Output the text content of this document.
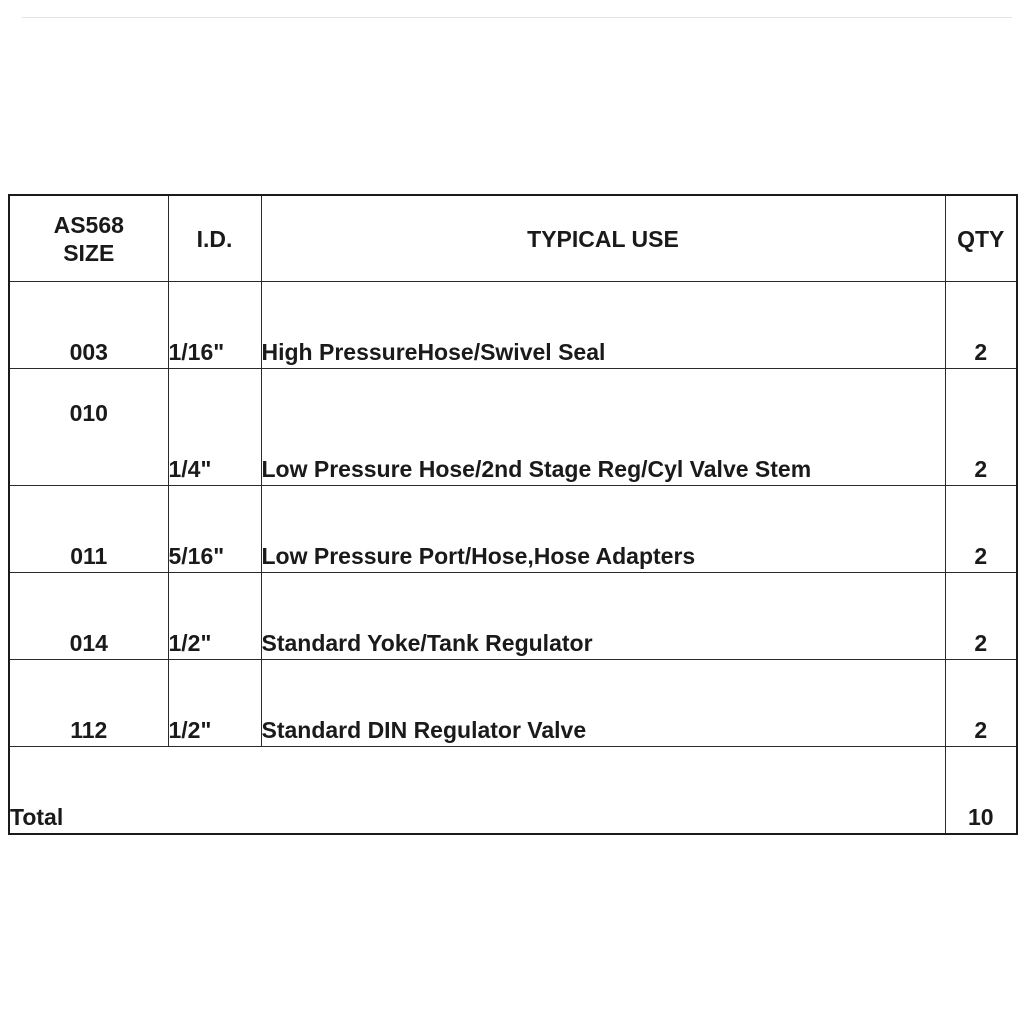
AS568
SIZE	I.D.	TYPICAL USE	QTY
003	1/16"	High PressureHose/Swivel Seal	2
010	1/4"	Low Pressure Hose/2nd Stage Reg/Cyl Valve Stem	2
011	5/16"	Low Pressure Port/Hose,Hose Adapters	2
014	1/2"	Standard Yoke/Tank Regulator	2
112	1/2"	Standard DIN Regulator Valve	2
Total			10
